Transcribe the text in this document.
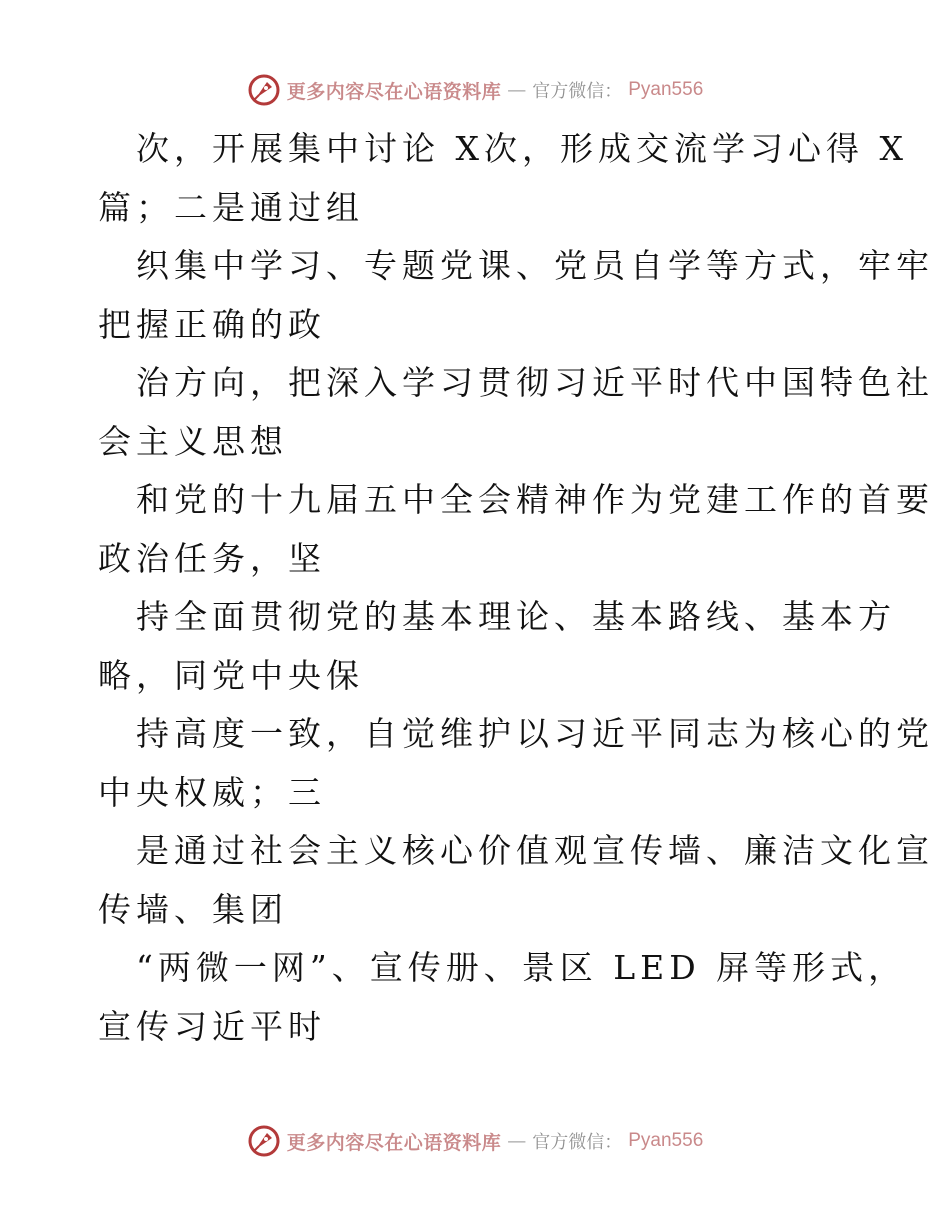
更多内容尽在心语资料库 — 官方微信： Pyan556
次，开展集中讨论 X次，形成交流学习心得 X
篇；二是通过组
织集中学习、专题党课、党员自学等方式，牢牢
把握正确的政
治方向，把深入学习贯彻习近平时代中国特色社
会主义思想
和党的十九届五中全会精神作为党建工作的首要
政治任务，坚
持全面贯彻党的基本理论、基本路线、基本方
略，同党中央保
持高度一致，自觉维护以习近平同志为核心的党
中央权威；三
是通过社会主义核心价值观宣传墙、廉洁文化宣
传墙、集团
“两微一网”、宣传册、景区 LED 屏等形式，
宣传习近平时
更多内容尽在心语资料库 — 官方微信： Pyan556
